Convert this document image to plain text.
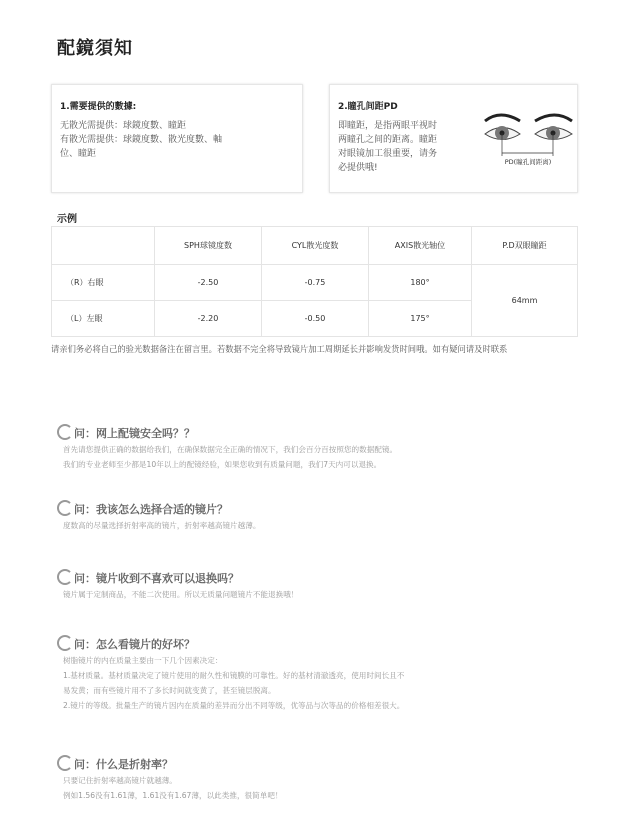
配鏡須知
1.需要提供的數據:
无散光需提供：球鏡度數、瞳距
有散光需提供：球鏡度數、散光度數、軸
位、瞳距
2.瞳孔间距PD
即瞳距，是指两眼平视时
两瞳孔之间的距离。瞳距
对眼镜加工很重要，请务
必提供哦!
PD(瞳孔间距离)
示例
	SPH球镜度数	CYL散光度数	AXIS散光轴位	P.D双眼瞳距
（R）右眼	-2.50	-0.75	180°	64mm
（L）左眼	-2.20	-0.50	175°	
请亲们务必将自己的验光数据备注在留言里。若数据不完全将导致镜片加工周期延长并影响发货时间哦。如有疑问请及时联系
问：网上配镜安全吗？？
首先请您提供正确的数据给我们，在确保数据完全正确的情况下，我们会百分百按照您的数据配镜。
我们的专业老师至少都是10年以上的配镜经验，如果您收到有质量问题，我们7天内可以退换。
问：我该怎么选择合适的镜片？
度数高的尽量选择折射率高的镜片，折射率越高镜片越薄。
问：镜片收到不喜欢可以退换吗？
镜片属于定制商品，不能二次使用。所以无质量问题镜片不能退换哦！
问：怎么看镜片的好坏？
树脂镜片的内在质量主要由一下几个因素决定：
1.基材质量。基材质量决定了镜片使用的耐久性和镜膜的可靠性。好的基材清澈透亮，使用时间长且不
易发黄；而有些镜片用不了多长时间就变黄了，甚至镜层脱离。
2.镜片的等级。批量生产的镜片因内在质量的差异而分出不同等级，优等品与次等品的价格相差很大。
问：什么是折射率？
只要记住折射率越高镜片就越薄。
例如1.56没有1.61薄，1.61没有1.67薄，以此类推，很简单吧！
